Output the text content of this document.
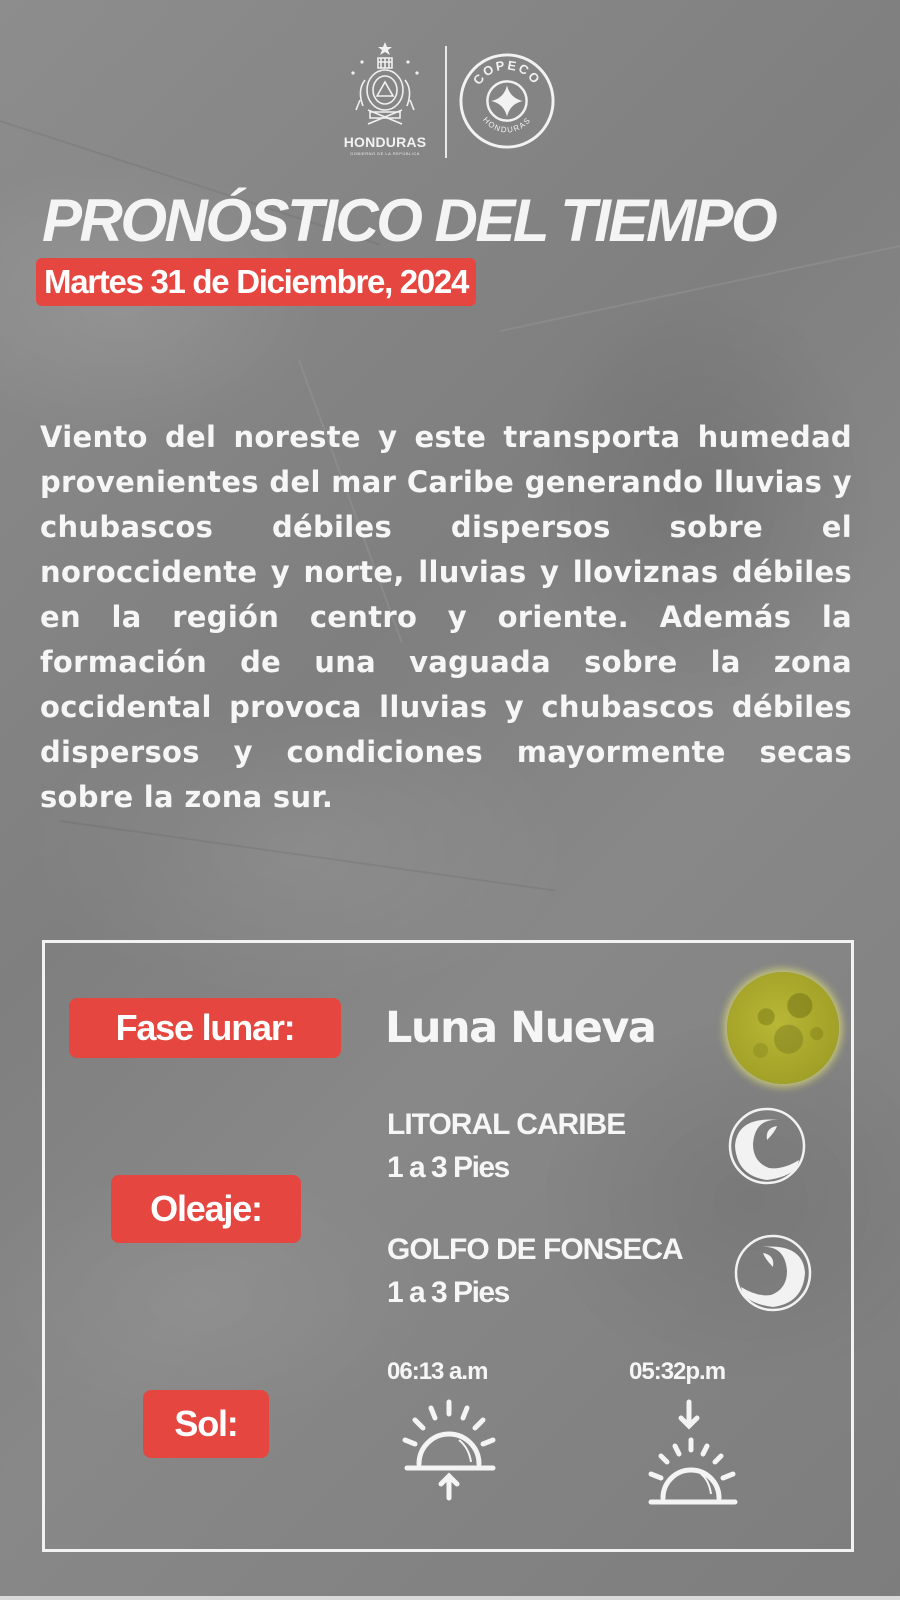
HONDURAS
GOBIERNO DE LA REPÚBLICA
COPECO
HONDURAS
PRONÓSTICO DEL TIEMPO
Martes 31 de Diciembre, 2024
Viento del noreste y este transporta humedad provenientes del mar Caribe generando lluvias y chubascos débiles dispersos sobre el noroccidente y norte, lluvias y lloviznas débiles en la región centro y oriente. Además la formación de una vaguada sobre la zona occidental provoca lluvias y chubascos débiles dispersos y condiciones mayormente secas sobre la zona sur.
Fase lunar:	Luna Nueva
Oleaje:
LITORAL CARIBE
1 a 3 Pies
GOLFO DE FONSECA
1 a 3 Pies
Sol:
06:13 a.m	05:32p.m
